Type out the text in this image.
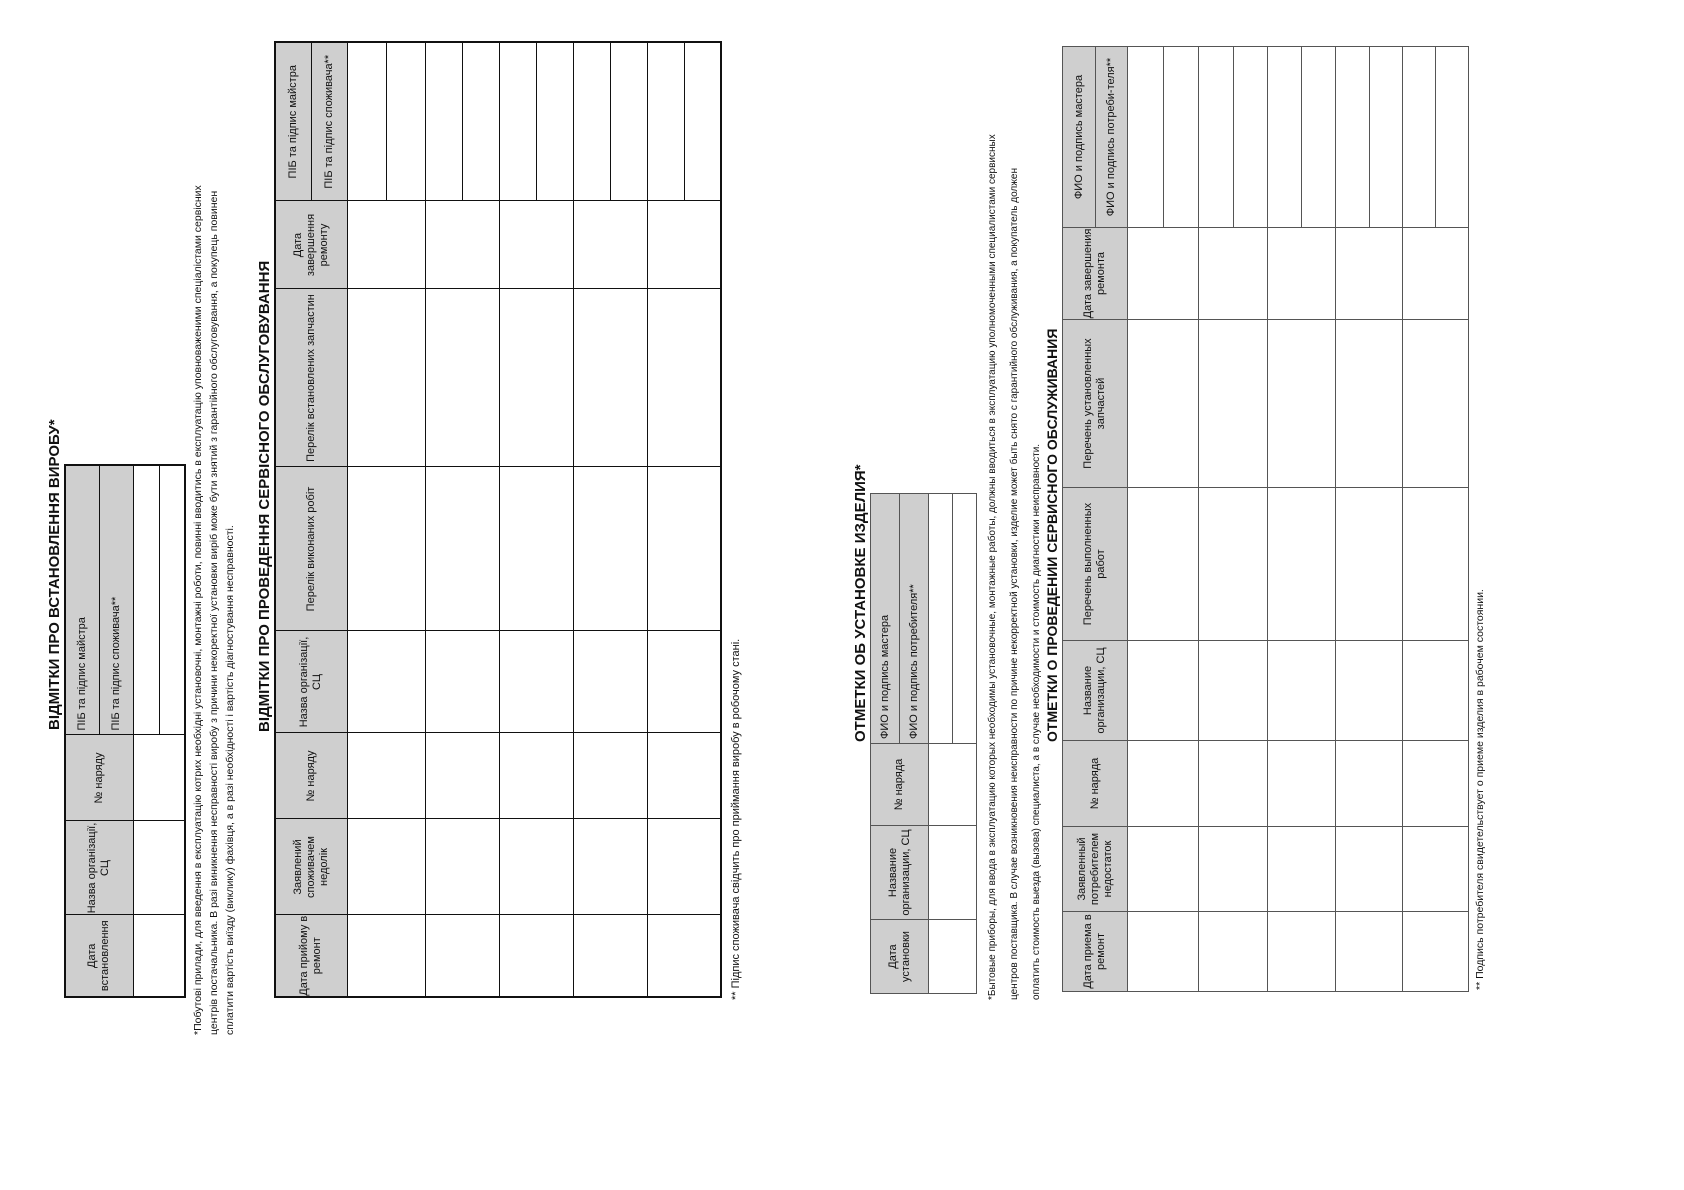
ВІДМІТКИ ПРО ВСТАНОВЛЕННЯ ВИРОБУ*
Дата встановлення	Назва організації, СЦ	№ наряду	ПІБ та підпис майстра
			ПІБ та підпис споживача**
				*Побутові прилади, для введення в експлуатацію котрих необхідні установочні, монтажні роботи, повинні вводитись в експлуатацію уповноваженими спеціалістами сервісних центрів постачальника. В разі виникнення несправності виробу з причини некоректної установки виріб може бути знятий з гарантійного обслуговування, а покупець повинен сплатити вартість виїзду (виклику) фахівця, а в разі необхідності і вартість діагностування несправності.
ВІДМІТКИ ПРО ПРОВЕДЕННЯ СЕРВІСНОГО ОБСЛУГОВУВАННЯ
Дата прийому в ремонт	Заявлений споживачем недолік	№ наряду	Назва організації, СЦ	Перелік виконаних робіт	Перелік встановлених запчастин	Дата завершення ремонту	ПІБ та підпис майстра
							ПІБ та підпис споживача**

** Підпис споживача свідчить про приймання виробу в робочому стані.
ОТМЕТКИ ОБ УСТАНОВКЕ ИЗДЕЛИЯ*
Дата установки	Название организации, СЦ	№ наряда	ФИО и подпись мастера
			ФИО и подпись потребителя**
				*Бытовые приборы, для ввода в эксплуатацию которых необходимы установочные, монтажные работы, должны вводиться в эксплуатацию уполномоченными специалистами сервисных	центров поставщика. В случае возникновения неисправности по причине некорректной установки, изделие может быть снято с гарантийного обслуживания, а покупатель должен	оплатить стоимость выезда (вызова) специалиста, а в случае необходимости и стоимость диагностики неисправности. ОТМЕТКИ О ПРОВЕДЕНИИ СЕРВИСНОГО ОБСЛУЖИВАНИЯ
Дата приема в ремонт	Заявленный потребителем недостаток	№ наряда	Название организации, СЦ	Перечень выполненных работ	Перечень установленных запчастей	Дата завершения ремонта	ФИО и подпись мастера
							ФИО и подпись потреби-теля**

** Подпись потребителя свидетельствует о приеме изделия в рабочем состоянии.
